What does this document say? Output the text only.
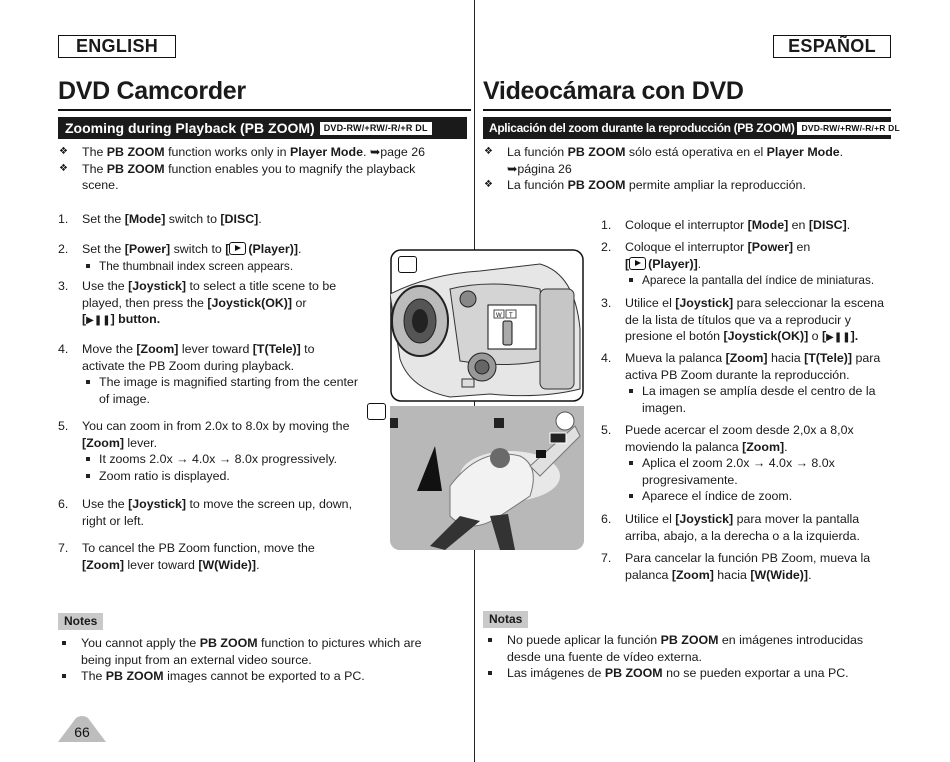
ENGLISH	ESPAÑOL
DVD Camcorder	Videocámara con DVD
Zooming during Playback (PB ZOOM)	DVD-RW/+RW/-R/+R DL	Aplicación del zoom durante la reproducción (PB ZOOM) DVD-RW/+RW/-R/+R DL
❖ The PB ZOOM function works only in Player Mode. ➥page 26
❖ The PB ZOOM function enables you to magnify the playback scene.
1. Set the [Mode] switch to [DISC].
2. Set the [Power] switch to [ (Player)].
The thumbnail index screen appears.
3. Use the [Joystick] to select a title scene to be played, then press the [Joystick(OK)] or
[▶❚❚] button.
4. Move the [Zoom] lever toward [T(Tele)] to activate the PB Zoom during playback.
The image is magnified starting from the center of image.
5. You can zoom in from 2.0x to 8.0x by moving the [Zoom] lever.
It zooms 2.0x → 4.0x → 8.0x progressively.
Zoom ratio is displayed.
6. Use the [Joystick] to move the screen up, down, right or left.
7. To cancel the PB Zoom function, move the [Zoom] lever toward [W(Wide)].
W T
Notes
You cannot apply the PB ZOOM function to pictures which are being input from an external video source.
The PB ZOOM images cannot be exported to a PC.
❖ La función PB ZOOM sólo está operativa en el Player Mode. ➥página 26
❖ La función PB ZOOM permite ampliar la reproducción.
1. Coloque el interruptor [Mode] en [DISC].
2. Coloque el interruptor [Power] en
[ (Player)].
Aparece la pantalla del índice de miniaturas.
3. Utilice el [Joystick] para seleccionar la escena de la lista de títulos que va a reproducir y presione el botón [Joystick(OK)] o [▶❚❚].
4. Mueva la palanca [Zoom] hacia [T(Tele)] para activa PB Zoom durante la reproducción.
La imagen se amplía desde el centro de la imagen.
5. Puede acercar el zoom desde 2,0x a 8,0x moviendo la palanca [Zoom].
Aplica el zoom 2.0x → 4.0x → 8.0x progresivamente.
Aparece el índice de zoom.
6. Utilice el [Joystick] para mover la pantalla arriba, abajo, a la derecha o a la izquierda.
7. Para cancelar la función PB Zoom, mueva la palanca [Zoom] hacia [W(Wide)].
Notas
No puede aplicar la función PB ZOOM en imágenes introducidas desde una fuente de vídeo externa.
Las imágenes de PB ZOOM no se pueden exportar a una PC.
66
